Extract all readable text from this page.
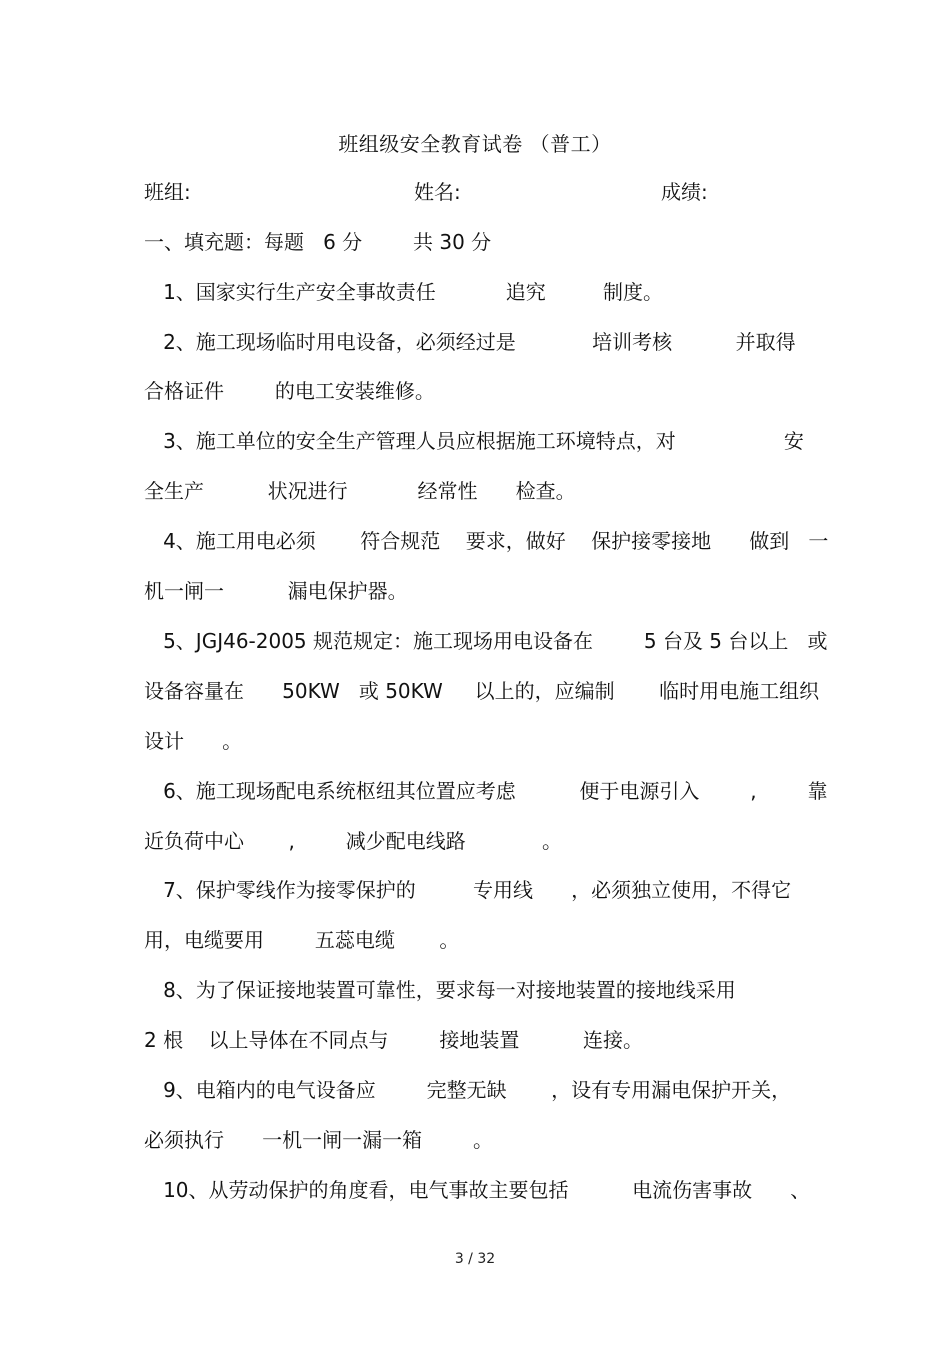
班组级安全教育试卷 （普工）
班组:	姓名:	成绩:
一、填充题：每题   6 分        共 30 分
1、国家实行生产安全事故责任           追究         制度。
2、施工现场临时用电设备，必须经过是            培训考核          并取得
合格证件        的电工安装维修。
3、施工单位的安全生产管理人员应根据施工环境特点，对                 安
全生产          状况进行           经常性      检查。
4、施工用电必须       符合规范    要求，做好    保护接零接地      做到   一
机一闸一          漏电保护器。
5、JGJ46-2005 规范规定：施工现场用电设备在        5 台及 5 台以上   或
设备容量在      50KW   或 50KW     以上的，应编制       临时用电施工组织
设计      。
6、施工现场配电系统枢纽其位置应考虑          便于电源引入        ,        靠
近负荷中心       ,        减少配电线路            。
7、保护零线作为接零保护的         专用线      ，必须独立使用，不得它
用，电缆要用        五蕊电缆       。
8、为了保证接地装置可靠性，要求每一对接地装置的接地线采用
2 根    以上导体在不同点与        接地装置          连接。
9、电箱内的电气设备应        完整无缺       ，设有专用漏电保护开关，
必须执行      一机一闸一漏一箱        。
10、从劳动保护的角度看，电气事故主要包括          电流伤害事故      、
3 / 32
